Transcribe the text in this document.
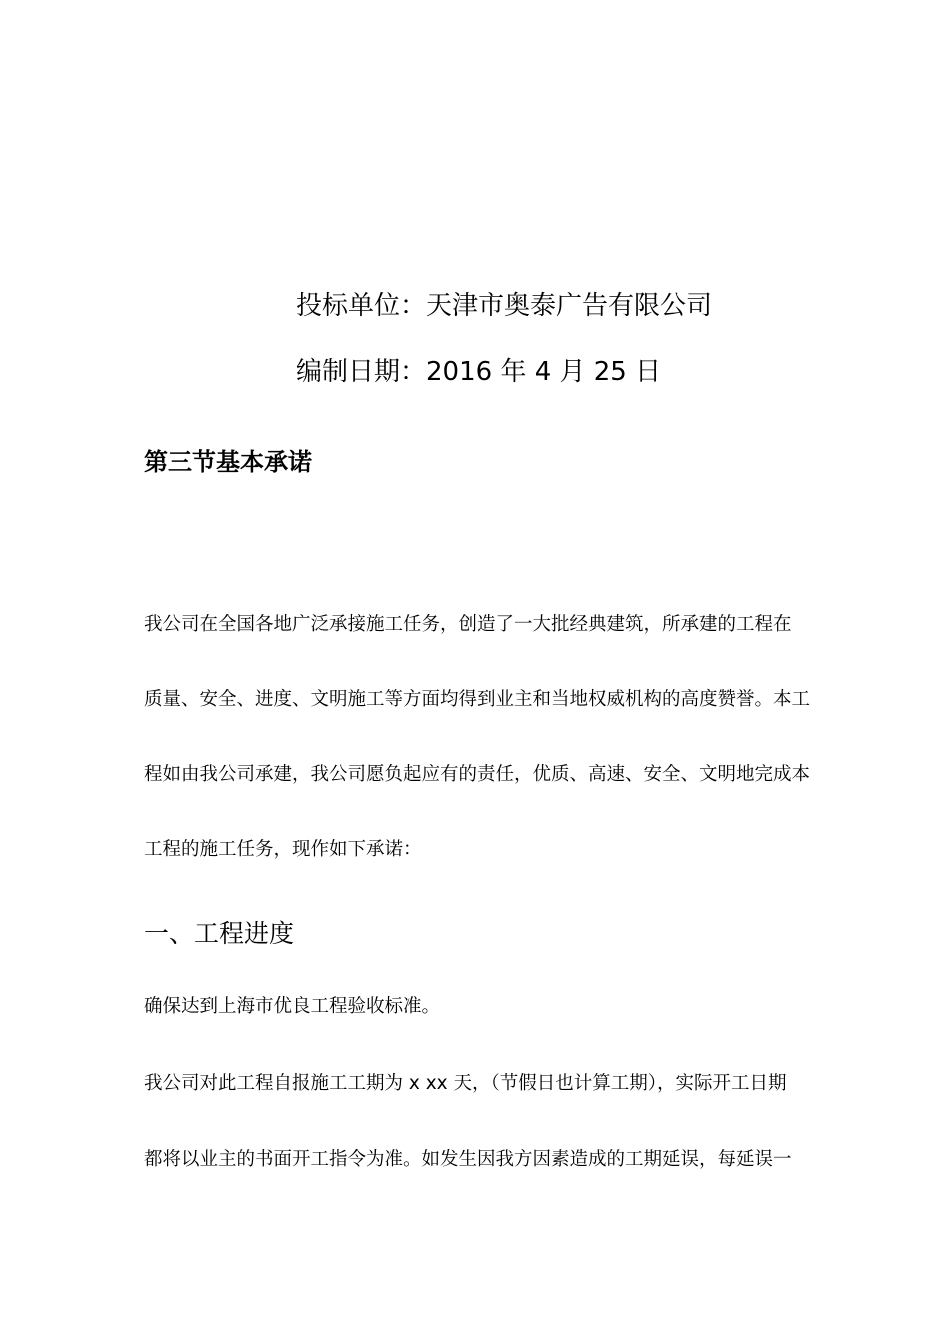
投标单位：天津市奥泰广告有限公司
编制日期：2016 年 4 月 25 日
第三节基本承诺
我公司在全国各地广泛承接施工任务，创造了一大批经典建筑，所承建的工程在
质量、安全、进度、文明施工等方面均得到业主和当地权威机构的高度赞誉。本工
程如由我公司承建，我公司愿负起应有的责任，优质、高速、安全、文明地完成本
工程的施工任务，现作如下承诺：
一、工程进度
确保达到上海市优良工程验收标准。
我公司对此工程自报施工工期为 x xx 天，（节假日也计算工期），实际开工日期
都将以业主的书面开工指令为准。如发生因我方因素造成的工期延误，每延误一
